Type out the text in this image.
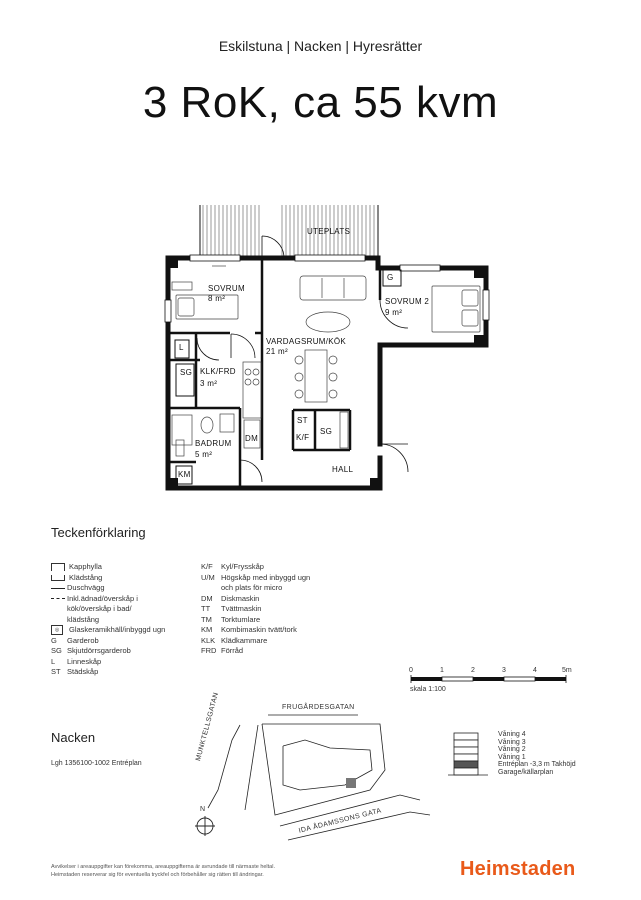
Eskilstuna | Nacken | Hyresrätter
3 RoK, ca 55 kvm
UTEPLATS
SOVRUM
8 m²	SOVRUM 2
9 m²
VARDAGSRUM/KÖK
21 m²
KLK/FRD
3 m²
BADRUM
5 m²
HALL
L
SG
DM
KM
ST
K/F
SG
G
Teckenförklaring
Kapphylla
Klädstång
Duschvägg
Inkl.ädnad/överskåp i
kök/överskåp i bad/
klädstång
◎ Glaskeramikhäll/inbyggd ugn
G Garderob
SG Skjutdörrsgarderob
L Linneskåp
ST Städskåp
K/F Kyl/Frysskåp
U/M Högskåp med inbyggd ugn
och plats för micro
DM Diskmaskin
TT Tvättmaskin
TM Torktumlare
KM Kombimaskin tvätt/tork
KLK Klädkammare
FRD Förråd
0	1	2	3	4	5m
skala 1:100
Nacken
Lgh 1356100-1002 Entréplan
FRUGÅRDESGATAN
MUNKTELLSGATAN
IDA ÅDAMSSONS GATA
N
Våning 4
Våning 3
Våning 2
Våning 1
Entréplan -3,3 m Takhöjd
Garage/källarplan
Avvikelser i areauppgifter kan förekomma, areauppgifterna är avrundade till närmaste heltal.
Heimstaden reserverar sig för eventuella tryckfel och förbehåller sig rätten till ändringar.	Heimstaden
